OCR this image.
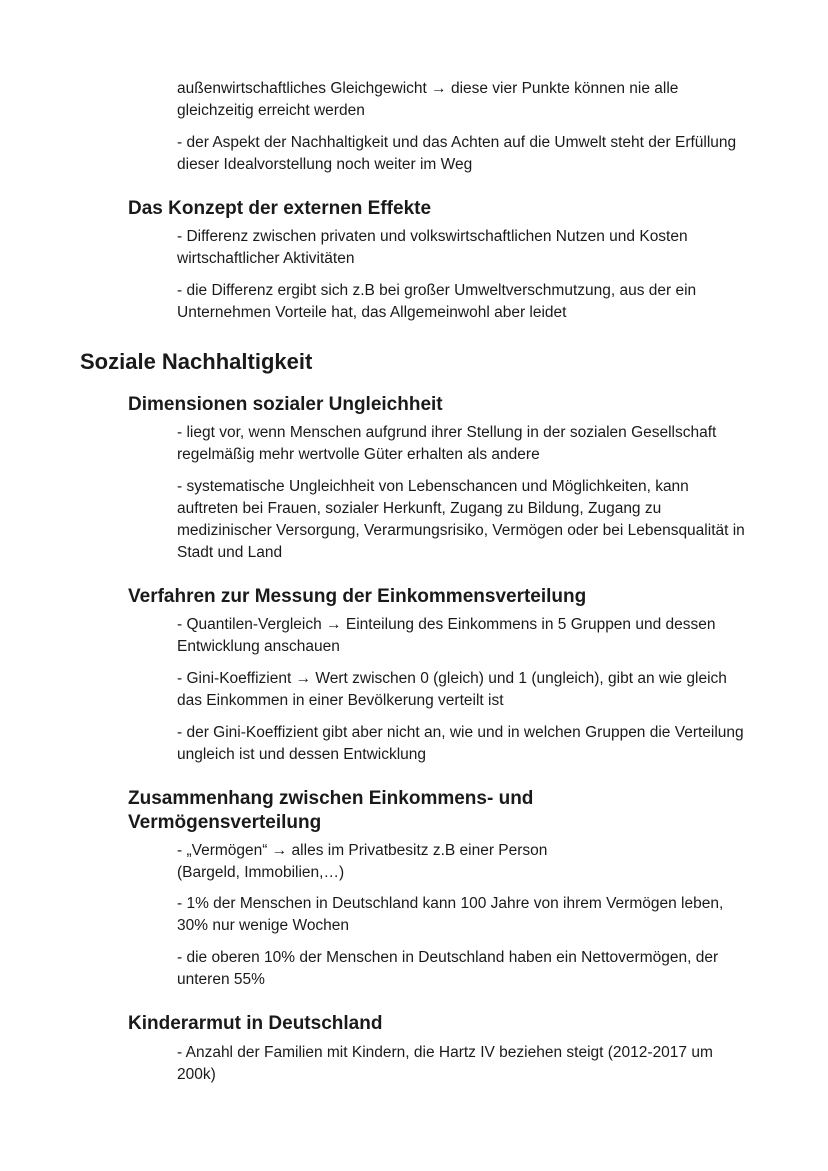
außenwirtschaftliches Gleichgewicht → diese vier Punkte können nie alle gleichzeitig erreicht werden

- der Aspekt der Nachhaltigkeit und das Achten auf die Umwelt steht der Erfüllung dieser Idealvorstellung noch weiter im Weg

Das Konzept der externen Effekte

- Differenz zwischen privaten und volkswirtschaftlichen Nutzen und Kosten wirtschaftlicher Aktivitäten

- die Differenz ergibt sich z.B bei großer Umweltverschmutzung, aus der ein Unternehmen Vorteile hat, das Allgemeinwohl aber leidet

Soziale Nachhaltigkeit
Dimensionen sozialer Ungleichheit

- liegt vor, wenn Menschen aufgrund ihrer Stellung in der sozialen Gesellschaft regelmäßig mehr wertvolle Güter erhalten als andere

- systematische Ungleichheit von Lebenschancen und Möglichkeiten, kann auftreten bei Frauen, sozialer Herkunft, Zugang zu Bildung, Zugang zu medizinischer Versorgung, Verarmungsrisiko, Vermögen oder bei Lebensqualität in Stadt und Land

Verfahren zur Messung der Einkommensverteilung

- Quantilen-Vergleich → Einteilung des Einkommens in 5 Gruppen und dessen Entwicklung anschauen

- Gini-Koeffizient → Wert zwischen 0 (gleich) und 1 (ungleich), gibt an wie gleich das Einkommen in einer Bevölkerung verteilt ist

- der Gini-Koeffizient gibt aber nicht an, wie und in welchen Gruppen die Verteilung ungleich ist und dessen Entwicklung

Zusammenhang zwischen Einkommens- und Vermögensverteilung

- „Vermögen“ → alles im Privatbesitz z.B einer Person (Bargeld, Immobilien,…)

- 1% der Menschen in Deutschland kann 100 Jahre von ihrem Vermögen leben, 30% nur wenige Wochen

- die oberen 10% der Menschen in Deutschland haben ein Nettovermögen, der unteren 55%

Kinderarmut in Deutschland

- Anzahl der Familien mit Kindern, die Hartz IV beziehen steigt (2012-2017 um 200k)
